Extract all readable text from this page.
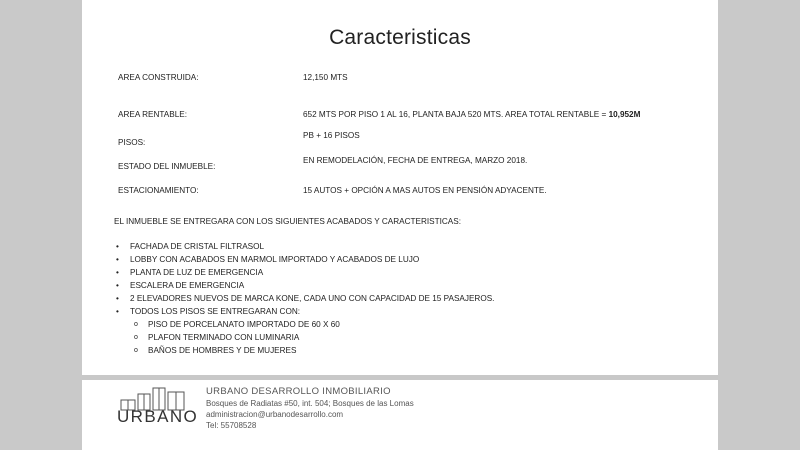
Caracteristicas
AREA CONSTRUIDA:	12,150 MTS
AREA RENTABLE:	652 MTS POR PISO 1 AL 16, PLANTA BAJA 520 MTS. AREA TOTAL RENTABLE = 10,952M
PISOS:
PB + 16 PISOS
ESTADO DEL INMUEBLE:
EN REMODELACIÓN, FECHA DE ENTREGA, MARZO 2018.
ESTACIONAMIENTO:	15 AUTOS + OPCIÓN A MAS AUTOS EN PENSIÓN ADYACENTE.
EL INMUEBLE SE ENTREGARA CON LOS SIGUIENTES ACABADOS Y CARACTERISTICAS:
• FACHADA DE CRISTAL FILTRASOL
• LOBBY CON ACABADOS EN MARMOL IMPORTADO Y ACABADOS DE LUJO
• PLANTA DE LUZ DE EMERGENCIA
• ESCALERA DE EMERGENCIA
• 2 ELEVADORES NUEVOS DE MARCA KONE, CADA UNO CON CAPACIDAD DE 15 PASAJEROS.
• TODOS LOS PISOS SE ENTREGARAN CON:
o PISO DE PORCELANATO IMPORTADO DE 60 X 60
o PLAFON TERMINADO CON LUMINARIA
o BAÑOS DE HOMBRES Y DE MUJERES
URBANO
URBANO DESARROLLO INMOBILIARIO
Bosques de Radiatas #50, int. 504; Bosques de las Lomas
administracion@urbanodesarrollo.com
Tel: 55708528
